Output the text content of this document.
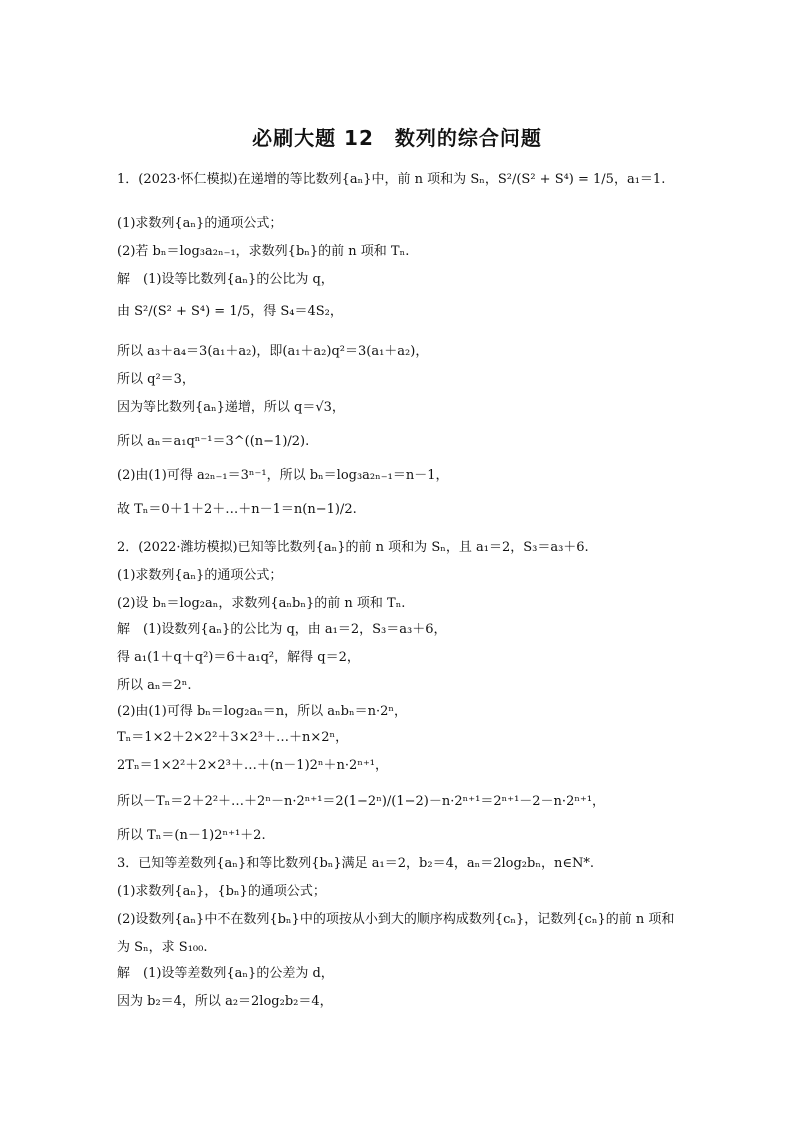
必刷大题 12　数列的综合问题
1．(2023·怀仁模拟)在递增的等比数列{aₙ}中，前 n 项和为 Sₙ，S²/(S² + S⁴) = 1/5，a₁＝1.
(1)求数列{aₙ}的通项公式；
(2)若 bₙ＝log₃a₂ₙ₋₁，求数列{bₙ}的前 n 项和 Tₙ.
解　(1)设等比数列{aₙ}的公比为 q，
由 S²/(S² + S⁴) = 1/5，得 S₄＝4S₂，
所以 a₃＋a₄＝3(a₁＋a₂)，即(a₁＋a₂)q²＝3(a₁＋a₂)，
所以 q²＝3，
因为等比数列{aₙ}递增，所以 q＝√3，
所以 aₙ＝a₁qⁿ⁻¹＝3^((n−1)/2).
(2)由(1)可得 a₂ₙ₋₁＝3ⁿ⁻¹，所以 bₙ＝log₃a₂ₙ₋₁＝n－1，
故 Tₙ＝0＋1＋2＋…＋n－1＝n(n−1)/2.
2．(2022·潍坊模拟)已知等比数列{aₙ}的前 n 项和为 Sₙ，且 a₁＝2，S₃＝a₃＋6.
(1)求数列{aₙ}的通项公式；
(2)设 bₙ＝log₂aₙ，求数列{aₙbₙ}的前 n 项和 Tₙ.
解　(1)设数列{aₙ}的公比为 q，由 a₁＝2，S₃＝a₃＋6，
得 a₁(1＋q＋q²)＝6＋a₁q²，解得 q＝2，
所以 aₙ＝2ⁿ.
(2)由(1)可得 bₙ＝log₂aₙ＝n，所以 aₙbₙ＝n·2ⁿ，
Tₙ＝1×2＋2×2²＋3×2³＋…＋n×2ⁿ，
2Tₙ＝1×2²＋2×2³＋…＋(n－1)2ⁿ＋n·2ⁿ⁺¹，
所以－Tₙ＝2＋2²＋…＋2ⁿ－n·2ⁿ⁺¹＝2(1−2ⁿ)/(1−2)－n·2ⁿ⁺¹＝2ⁿ⁺¹－2－n·2ⁿ⁺¹，
所以 Tₙ＝(n－1)2ⁿ⁺¹＋2.
3．已知等差数列{aₙ}和等比数列{bₙ}满足 a₁＝2，b₂＝4，aₙ＝2log₂bₙ，n∈N*.
(1)求数列{aₙ}，{bₙ}的通项公式；
(2)设数列{aₙ}中不在数列{bₙ}中的项按从小到大的顺序构成数列{cₙ}，记数列{cₙ}的前 n 项和
为 Sₙ，求 S₁₀₀.
解　(1)设等差数列{aₙ}的公差为 d，
因为 b₂＝4，所以 a₂＝2log₂b₂＝4，
